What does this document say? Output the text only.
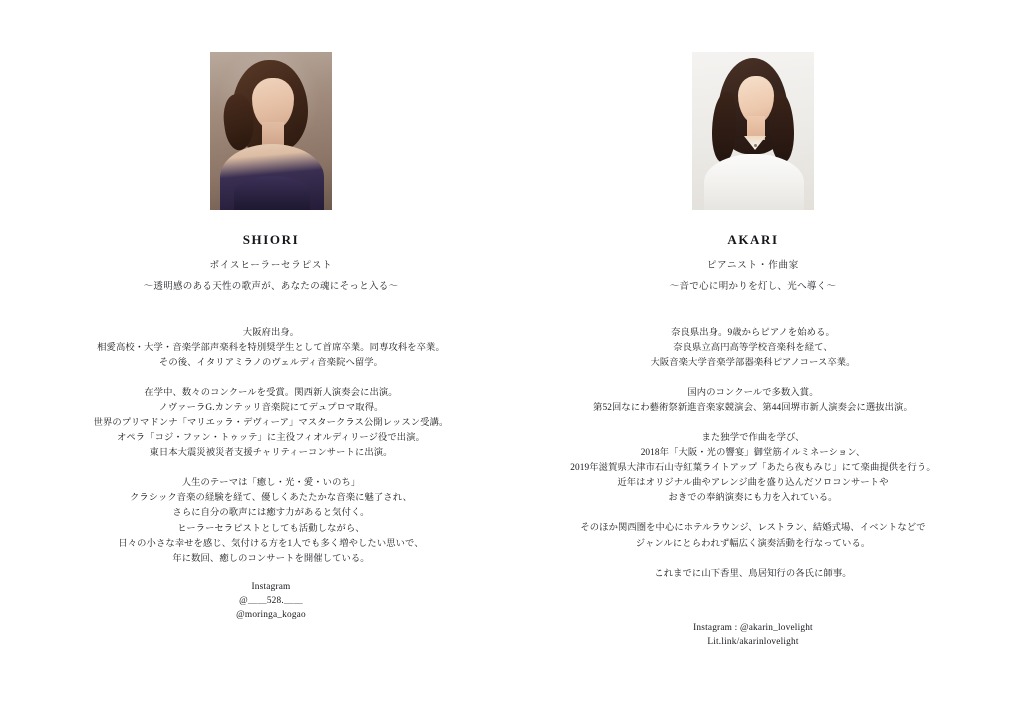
SHIORI
ボイスヒーラーセラピスト
〜透明感のある天性の歌声が、あなたの魂にそっと入る〜

大阪府出身。
相愛高校・大学・音楽学部声楽科を特別奨学生として首席卒業。同専攻科を卒業。
その後、イタリアミラノのヴェルディ音楽院へ留学。

在学中、数々のコンクールを受賞。関西新人演奏会に出演。
ノヴァーラG.カンテッリ音楽院にてデュプロマ取得。
世界のプリマドンナ「マリエッラ・デヴィーア」マスタークラス公開レッスン受講。
オペラ「コジ・ファン・トゥッテ」に主役フィオルディリージ役で出演。
東日本大震災被災者支援チャリティーコンサートに出演。

人生のテーマは「癒し・光・愛・いのち」
クラシック音楽の経験を経て、優しくあたたかな音楽に魅了され、
さらに自分の歌声には癒す力があると気付く。
ヒーラーセラピストとしても活動しながら、
日々の小さな幸せを感じ、気付ける方を1人でも多く増やしたい思いで、
年に数回、癒しのコンサートを開催している。

Instagram
@＿＿528.＿＿
@moringa_kogao
AKARI
ピアニスト・作曲家
〜音で心に明かりを灯し、光へ導く〜

奈良県出身。9歳からピアノを始める。
奈良県立高円高等学校音楽科を経て、
大阪音楽大学音楽学部器楽科ピアノコース卒業。

国内のコンクールで多数入賞。
第52回なにわ藝術祭新進音楽家競演会、第44回堺市新人演奏会に選抜出演。

また独学で作曲を学び、
2018年「大阪・光の響宴」御堂筋イルミネーション、
2019年滋賀県大津市石山寺紅葉ライトアップ「あたら夜もみじ」にて楽曲提供を行う。
近年はオリジナル曲やアレンジ曲を盛り込んだソロコンサートや
おきでの奉納演奏にも力を入れている。

そのほか関西圏を中心にホテルラウンジ、レストラン、結婚式場、イベントなどで
ジャンルにとらわれず幅広く演奏活動を行なっている。

これまでに山下香里、鳥居知行の各氏に師事。

Instagram : @akarin_lovelight
Lit.link/akarinlovelight
